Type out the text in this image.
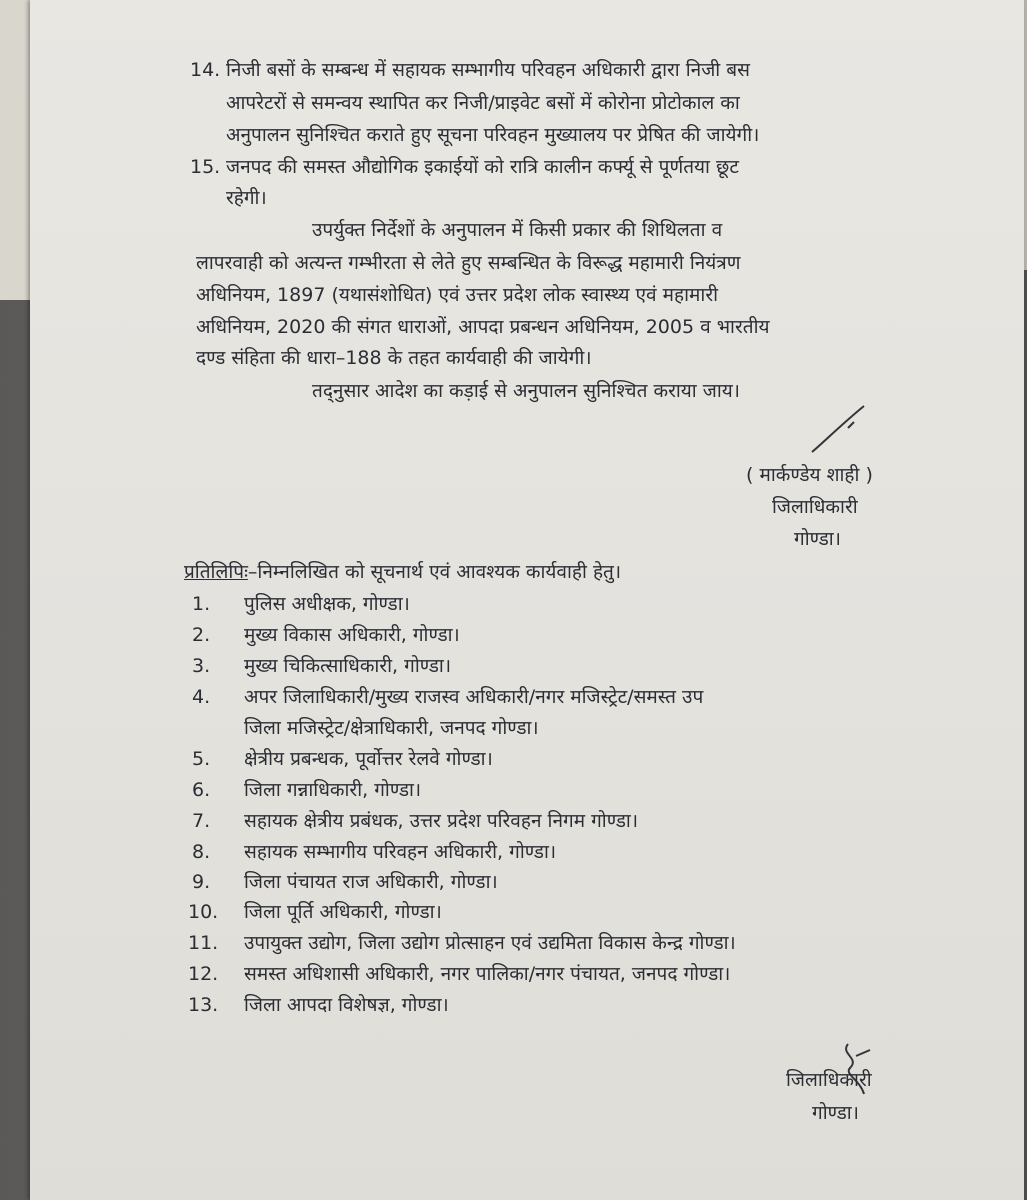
14. निजी बसों के सम्बन्ध में सहायक सम्भागीय परिवहन अधिकारी द्वारा निजी बस
आपरेटरों से समन्वय स्थापित कर निजी/प्राइवेट बसों में कोरोना प्रोटोकाल का
अनुपालन सुनिश्चित कराते हुए सूचना परिवहन मुख्यालय पर प्रेषित की जायेगी।
15. जनपद की समस्त औद्योगिक इकाईयों को रात्रि कालीन कर्फ्यू से पूर्णतया छूट
रहेगी।
उपर्युक्त निर्देशों के अनुपालन में किसी प्रकार की शिथिलता व
लापरवाही को अत्यन्त गम्भीरता से लेते हुए सम्बन्धित के विरूद्ध महामारी नियंत्रण
अधिनियम, 1897 (यथासंशोधित) एवं उत्तर प्रदेश लोक स्वास्थ्य एवं महामारी
अधिनियम, 2020 की संगत धाराओं, आपदा प्रबन्धन अधिनियम, 2005 व भारतीय
दण्ड संहिता की धारा–188 के तहत कार्यवाही की जायेगी।
तद्नुसार आदेश का कड़ाई से अनुपालन सुनिश्चित कराया जाय।
( मार्कण्डेय शाही )
जिलाधिकारी
गोण्डा।
प्रतिलिपिः–निम्नलिखित को सूचनार्थ एवं आवश्यक कार्यवाही हेतु।
1. पुलिस अधीक्षक, गोण्डा।
2. मुख्य विकास अधिकारी, गोण्डा।
3. मुख्य चिकित्साधिकारी, गोण्डा।
4. अपर जिलाधिकारी/मुख्य राजस्व अधिकारी/नगर मजिस्ट्रेट/समस्त उप
जिला मजिस्ट्रेट/क्षेत्राधिकारी, जनपद गोण्डा।
5. क्षेत्रीय प्रबन्धक, पूर्वोत्तर रेलवे गोण्डा।
6. जिला गन्नाधिकारी, गोण्डा।
7. सहायक क्षेत्रीय प्रबंधक, उत्तर प्रदेश परिवहन निगम गोण्डा।
8. सहायक सम्भागीय परिवहन अधिकारी, गोण्डा।
9. जिला पंचायत राज अधिकारी, गोण्डा।
10. जिला पूर्ति अधिकारी, गोण्डा।
11. उपायुक्त उद्योग, जिला उद्योग प्रोत्साहन एवं उद्यमिता विकास केन्द्र गोण्डा।
12. समस्त अधिशासी अधिकारी, नगर पालिका/नगर पंचायत, जनपद गोण्डा।
13. जिला आपदा विशेषज्ञ, गोण्डा।
जिलाधिकारी
गोण्डा।
